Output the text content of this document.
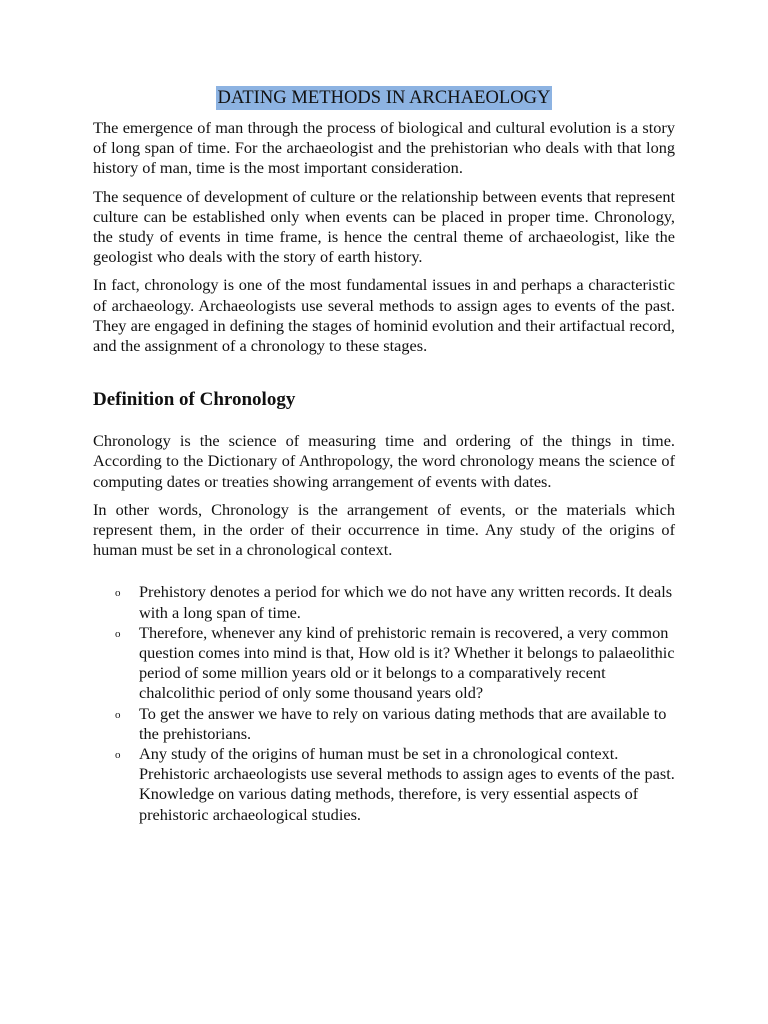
DATING METHODS IN ARCHAEOLOGY

The emergence of man through the process of biological and cultural evolution is a story of long span of time. For the archaeologist and the prehistorian who deals with that long history of man, time is the most important consideration.

The sequence of development of culture or the relationship between events that represent culture can be established only when events can be placed in proper time. Chronology, the study of events in time frame, is hence the central theme of archaeologist, like the geologist who deals with the story of earth history.

In fact, chronology is one of the most fundamental issues in and perhaps a characteristic of archaeology. Archaeologists use several methods to assign ages to events of the past. They are engaged in defining the stages of hominid evolution and their artifactual record, and the assignment of a chronology to these stages.

Definition of Chronology

Chronology is the science of measuring time and ordering of the things in time. According to the Dictionary of Anthropology, the word chronology means the science of computing dates or treaties showing arrangement of events with dates.

In other words, Chronology is the arrangement of events, or the materials which represent them, in the order of their occurrence in time. Any study of the origins of human must be set in a chronological context.

o Prehistory denotes a period for which we do not have any written records. It deals with a long span of time.
o Therefore, whenever any kind of prehistoric remain is recovered, a very common question comes into mind is that, How old is it? Whether it belongs to palaeolithic period of some million years old or it belongs to a comparatively recent chalcolithic period of only some thousand years old?
o To get the answer we have to rely on various dating methods that are available to the prehistorians.
o Any study of the origins of human must be set in a chronological context. Prehistoric archaeologists use several methods to assign ages to events of the past. Knowledge on various dating methods, therefore, is very essential aspects of prehistoric archaeological studies.
